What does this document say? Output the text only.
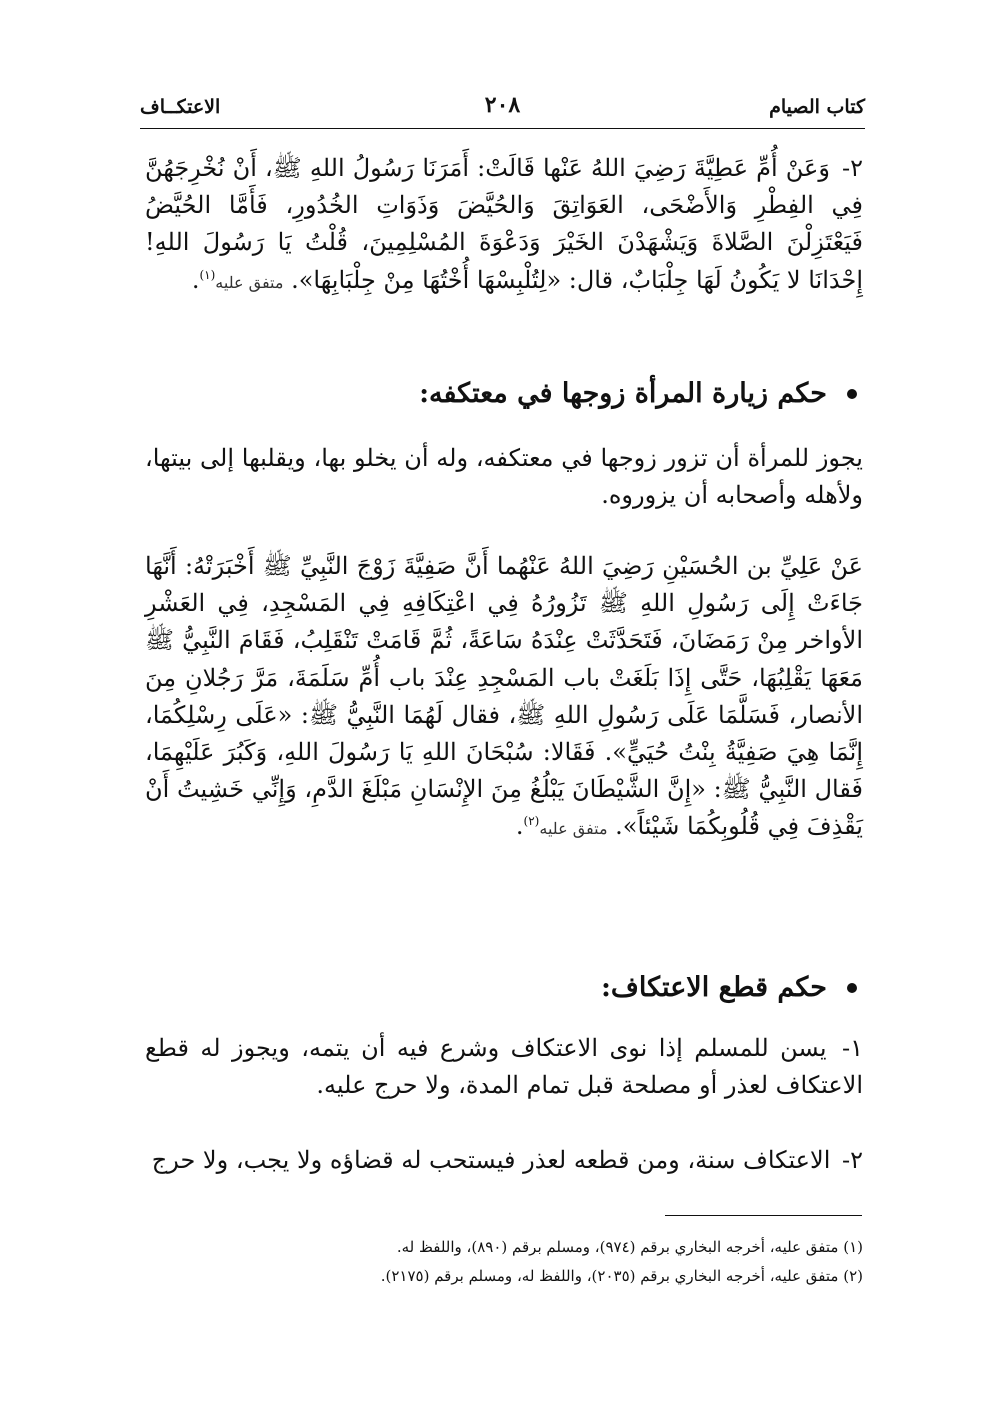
كتاب الصيام
٢٠٨
الاعتكــاف
٢- وَعَنْ أُمِّ عَطِيَّةَ رَضِيَ اللهُ عَنْها قَالَتْ: أَمَرَنَا رَسُولُ اللهِ ﷺ، أَنْ نُخْرِجَهُنَّ فِي الفِطْرِ وَالأَضْحَى، العَوَاتِقَ وَالحُيَّضَ وَذَوَاتِ الخُدُورِ، فَأَمَّا الحُيَّضُ فَيَعْتَزِلْنَ الصَّلاةَ وَيَشْهَدْنَ الخَيْرَ وَدَعْوَةَ المُسْلِمِينَ، قُلْتُ يَا رَسُولَ اللهِ! إِحْدَانَا لا يَكُونُ لَهَا جِلْبَابٌ، قال: «لِتُلْبِسْهَا أُخْتُهَا مِنْ جِلْبَابِهَا». متفق عليه$^{(١)}$.
حكم زيارة المرأة زوجها في معتكفه:
يجوز للمرأة أن تزور زوجها في معتكفه، وله أن يخلو بها، ويقلبها إلى بيتها، ولأهله وأصحابه أن يزوروه.
عَنْ عَلِيِّ بن الحُسَيْنِ رَضِيَ اللهُ عَنْهُما أَنَّ صَفِيَّةَ زَوْجَ النَّبِيِّ ﷺ أَخْبَرَتْهُ: أَنَّهَا جَاءَتْ إِلَى رَسُولِ اللهِ ﷺ تَزُورُهُ فِي اعْتِكَافِهِ فِي المَسْجِدِ، فِي العَشْرِ الأواخر مِنْ رَمَضَانَ، فَتَحَدَّثَتْ عِنْدَهُ سَاعَةً، ثُمَّ قَامَتْ تَنْقَلِبُ، فَقَامَ النَّبِيُّ ﷺ مَعَهَا يَقْلِبُهَا، حَتَّى إِذَا بَلَغَتْ باب المَسْجِدِ عِنْدَ باب أُمِّ سَلَمَةَ، مَرَّ رَجُلانِ مِنَ الأنصار، فَسَلَّمَا عَلَى رَسُولِ اللهِ ﷺ، فقال لَهُمَا النَّبِيُّ ﷺ: «عَلَى رِسْلِكُمَا، إِنَّمَا هِيَ صَفِيَّةُ بِنْتُ حُيَيٍّ». فَقَالا: سُبْحَانَ اللهِ يَا رَسُولَ اللهِ، وَكَبُرَ عَلَيْهِمَا، فَقال النَّبِيُّ ﷺ: «إِنَّ الشَّيْطَانَ يَبْلُغُ مِنَ الإِنْسَانِ مَبْلَغَ الدَّمِ، وَإِنِّي خَشِيتُ أَنْ يَقْذِفَ فِي قُلُوبِكُمَا شَيْئاً». متفق عليه$^{(٢)}$.
حكم قطع الاعتكاف:
١- يسن للمسلم إذا نوى الاعتكاف وشرع فيه أن يتمه، ويجوز له قطع الاعتكاف لعذر أو مصلحة قبل تمام المدة، ولا حرج عليه.
٢- الاعتكاف سنة، ومن قطعه لعذر فيستحب له قضاؤه ولا يجب، ولا حرج
(١) متفق عليه، أخرجه البخاري برقم (٩٧٤)، ومسلم برقم (٨٩٠)، واللفظ له.
(٢) متفق عليه، أخرجه البخاري برقم (٢٠٣٥)، واللفظ له، ومسلم برقم (٢١٧٥).
